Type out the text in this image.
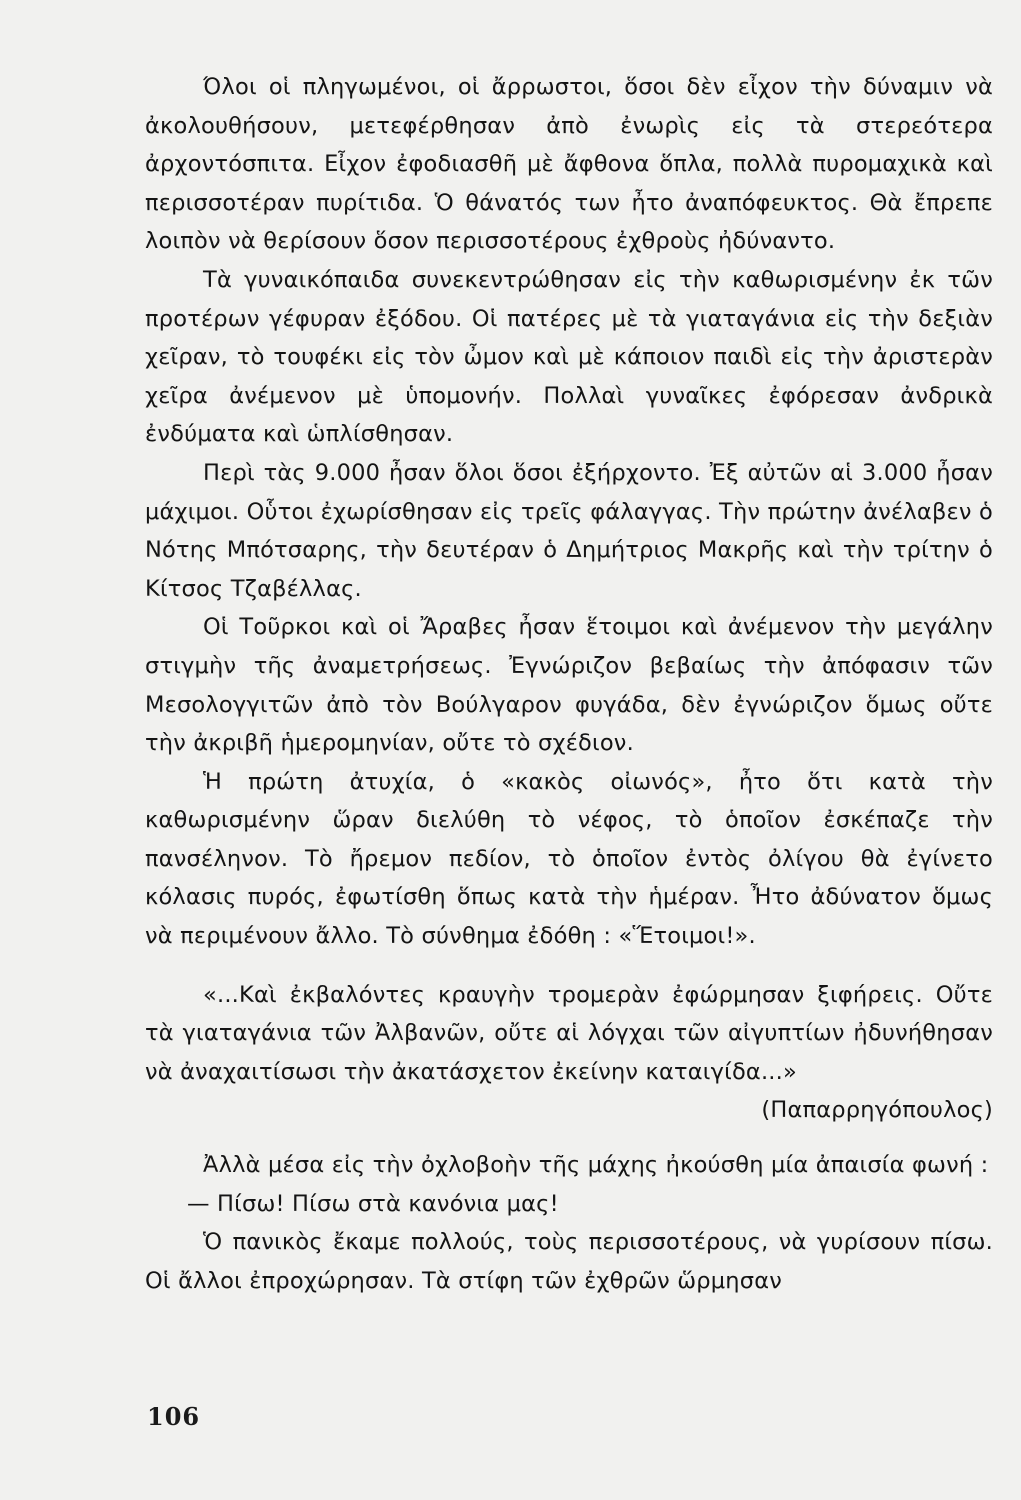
Όλοι οἱ πληγωμένοι, οἱ ἄρρωστοι, ὅσοι δὲν εἶχον τὴν δύναμιν νὰ ἀκολουθήσουν, μετεφέρθησαν ἀπὸ ἐνωρὶς εἰς τὰ στερεότερα ἀρχοντόσπιτα. Εἶχον ἐφοδιασθῆ μὲ ἄφθονα ὅπλα, πολλὰ πυρομαχικὰ καὶ περισσοτέραν πυρίτιδα. Ὁ θάνατός των ἦτο ἀναπόφευκτος. Θὰ ἔπρεπε λοιπὸν νὰ θερίσουν ὅσον περισσοτέρους ἐχθροὺς ἠδύναντο.

Τὰ γυναικόπαιδα συνεκεντρώθησαν εἰς τὴν καθωρισμένην ἐκ τῶν προτέρων γέφυραν ἐξόδου. Οἱ πατέρες μὲ τὰ γιαταγάνια εἰς τὴν δεξιὰν χεῖραν, τὸ τουφέκι εἰς τὸν ὦμον καὶ μὲ κάποιον παιδὶ εἰς τὴν ἀριστερὰν χεῖρα ἀνέμενον μὲ ὑπομονήν. Πολλαὶ γυναῖκες ἐφόρεσαν ἀνδρικὰ ἐνδύματα καὶ ὡπλίσθησαν.

Περὶ τὰς 9.000 ἦσαν ὅλοι ὅσοι ἐξήρχοντο. Ἐξ αὐτῶν αἱ 3.000 ἦσαν μάχιμοι. Οὗτοι ἐχωρίσθησαν εἰς τρεῖς φάλαγγας. Τὴν πρώτην ἀνέλαβεν ὁ Νότης Μπότσαρης, τὴν δευτέραν ὁ Δημήτριος Μακρῆς καὶ τὴν τρίτην ὁ Κίτσος Τζαβέλλας.

Οἱ Τοῦρκοι καὶ οἱ Ἄραβες ἦσαν ἕτοιμοι καὶ ἀνέμενον τὴν μεγάλην στιγμὴν τῆς ἀναμετρήσεως. Ἐγνώριζον βεβαίως τὴν ἀπόφασιν τῶν Μεσολογγιτῶν ἀπὸ τὸν Βούλγαρον φυγάδα, δὲν ἐγνώριζον ὅμως οὔτε τὴν ἀκριβῆ ἡμερομηνίαν, οὔτε τὸ σχέδιον.

Ἡ πρώτη ἀτυχία, ὁ «κακὸς οἰωνός», ἦτο ὅτι κατὰ τὴν καθωρισμένην ὥραν διελύθη τὸ νέφος, τὸ ὁποῖον ἐσκέπαζε τὴν πανσέληνον. Τὸ ἤρεμον πεδίον, τὸ ὁποῖον ἐντὸς ὀλίγου θὰ ἐγίνετο κόλασις πυρός, ἐφωτίσθη ὅπως κατὰ τὴν ἡμέραν. Ἦτο ἀδύνατον ὅμως νὰ περιμένουν ἄλλο. Τὸ σύνθημα ἐδόθη : «Ἕτοιμοι!».

«...Καὶ ἐκβαλόντες κραυγὴν τρομερὰν ἐφώρμησαν ξιφήρεις. Οὔτε τὰ γιαταγάνια τῶν Ἀλβανῶν, οὔτε αἱ λόγχαι τῶν αἰγυπτίων ἠδυνήθησαν νὰ ἀναχαιτίσωσι τὴν ἀκατάσχετον ἐκείνην καταιγίδα...»

(Παπαρρηγόπουλος)

Ἀλλὰ μέσα εἰς τὴν ὀχλοβοὴν τῆς μάχης ἠκούσθη μία ἀπαισία φωνή :

— Πίσω! Πίσω στὰ κανόνια μας!

Ὁ πανικὸς ἔκαμε πολλούς, τοὺς περισσοτέρους, νὰ γυρίσουν πίσω. Οἱ ἄλλοι ἐπροχώρησαν. Τὰ στίφη τῶν ἐχθρῶν ὥρμησαν

106
